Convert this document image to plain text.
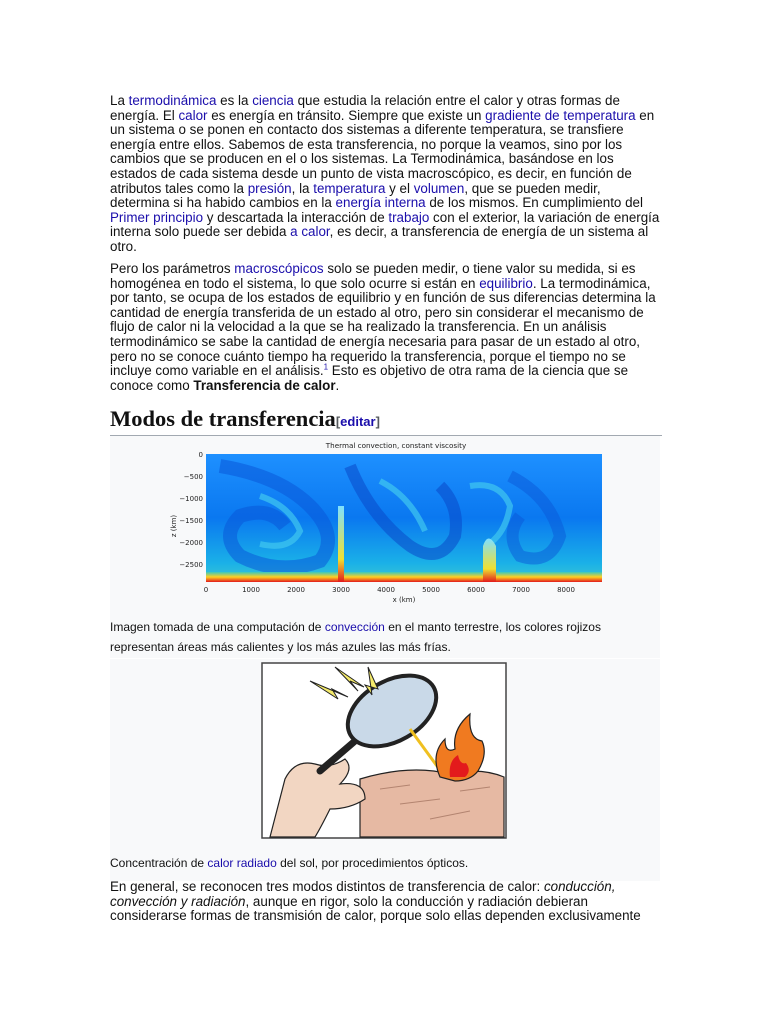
La termodinámica es la ciencia que estudia la relación entre el calor y otras formas de energía. El calor es energía en tránsito. Siempre que existe un gradiente de temperatura en un sistema o se ponen en contacto dos sistemas a diferente temperatura, se transfiere energía entre ellos. Sabemos de esta transferencia, no porque la veamos, sino por los cambios que se producen en el o los sistemas. La Termodinámica, basándose en los estados de cada sistema desde un punto de vista macroscópico, es decir, en función de atributos tales como la presión, la temperatura y el volumen, que se pueden medir, determina si ha habido cambios en la energía interna de los mismos. En cumplimiento del Primer principio y descartada la interacción de trabajo con el exterior, la variación de energía interna solo puede ser debida a calor, es decir, a transferencia de energía de un sistema al otro.

Pero los parámetros macroscópicos solo se pueden medir, o tiene valor su medida, si es homogénea en todo el sistema, lo que solo ocurre si están en equilibrio. La termodinámica, por tanto, se ocupa de los estados de equilibrio y en función de sus diferencias determina la cantidad de energía transferida de un estado al otro, pero sin considerar el mecanismo de flujo de calor ni la velocidad a la que se ha realizado la transferencia. En un análisis termodinámico se sabe la cantidad de energía necesaria para pasar de un estado al otro, pero no se conoce cuánto tiempo ha requerido la transferencia, porque el tiempo no se incluye como variable en el análisis.$^1$ Esto es objetivo de otra rama de la ciencia que se conoce como Transferencia de calor.

Modos de transferencia[editar]
Thermal convection, constant viscosity
0
−500
−1000
−1500
−2000
−2500
z (km)
0	1000	2000	3000	4000	5000	6000	7000	8000
x (km)
Imagen tomada de una computación de convección en el manto terrestre, los colores rojizos representan áreas más calientes y los más azules las más frías.
Concentración de calor radiado del sol, por procedimientos ópticos.

En general, se reconocen tres modos distintos de transferencia de calor: conducción, convección y radiación, aunque en rigor, solo la conducción y radiación debieran considerarse formas de transmisión de calor, porque solo ellas dependen exclusivamente
